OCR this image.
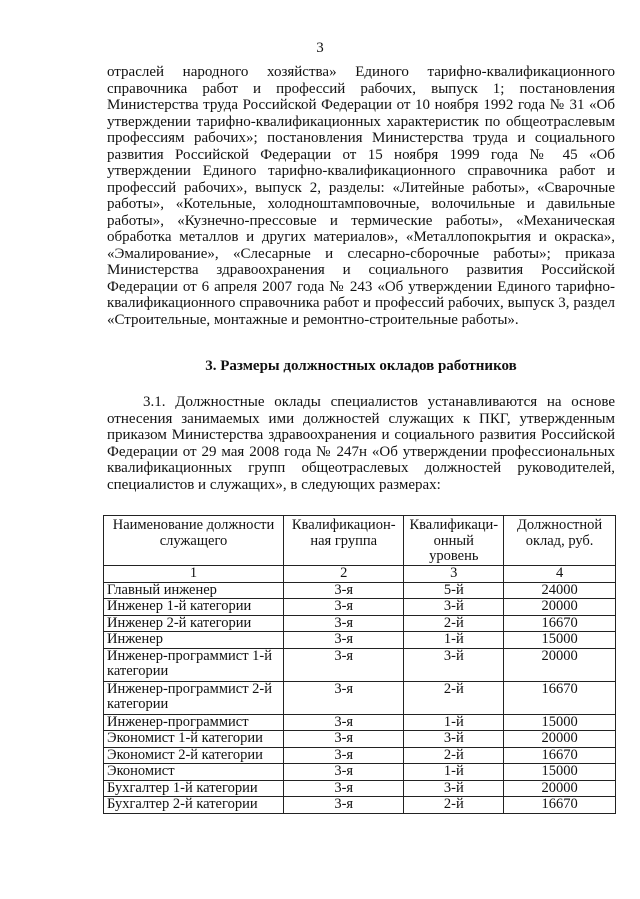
3

отраслей народного хозяйства» Единого тарифно-квалификационного справочника работ и профессий рабочих, выпуск 1; постановления Министерства труда Российской Федерации от 10 ноября 1992 года № 31 «Об утверждении тарифно-квалификационных характеристик по общеотраслевым профессиям рабочих»; постановления Министерства труда и социального развития Российской Федерации от 15 ноября 1999 года № 45 «Об утверждении Единого тарифно-квалификационного справочника работ и профессий рабочих», выпуск 2, разделы: «Литейные работы», «Сварочные работы», «Котельные, холодноштамповочные, волочильные и давильные работы», «Кузнечно-прессовые и термические работы», «Механическая обработка металлов и других материалов», «Металлопокрытия и окраска», «Эмалирование», «Слесарные и слесарно-сборочные работы»; приказа Министерства здравоохранения и социального развития Российской Федерации от 6 апреля 2007 года № 243 «Об утверждении Единого тарифно-квалификационного справочника работ и профессий рабочих, выпуск 3, раздел «Строительные, монтажные и ремонтно-строительные работы».

3. Размеры должностных окладов работников

3.1. Должностные оклады специалистов устанавливаются на основе отнесения занимаемых ими должностей служащих к ПКГ, утвержденным приказом Министерства здравоохранения и социального развития Российской Федерации от 29 мая 2008 года № 247н «Об утверждении профессиональных квалификационных групп общеотраслевых должностей руководителей, специалистов и служащих», в следующих размерах:

Наименование должности служащего	Квалификацион-ная группа	Квалификаци-онный уровень	Должностной оклад, руб.
1	2	3	4
Главный инженер	3-я	5-й	24000
Инженер 1-й категории	3-я	3-й	20000
Инженер 2-й категории	3-я	2-й	16670
Инженер	3-я	1-й	15000
Инженер-программист 1-й категории	3-я	3-й	20000
Инженер-программист 2-й категории	3-я	2-й	16670
Инженер-программист	3-я	1-й	15000
Экономист 1-й категории	3-я	3-й	20000
Экономист 2-й категории	3-я	2-й	16670
Экономист	3-я	1-й	15000
Бухгалтер 1-й категории	3-я	3-й	20000
Бухгалтер 2-й категории	3-я	2-й	16670
